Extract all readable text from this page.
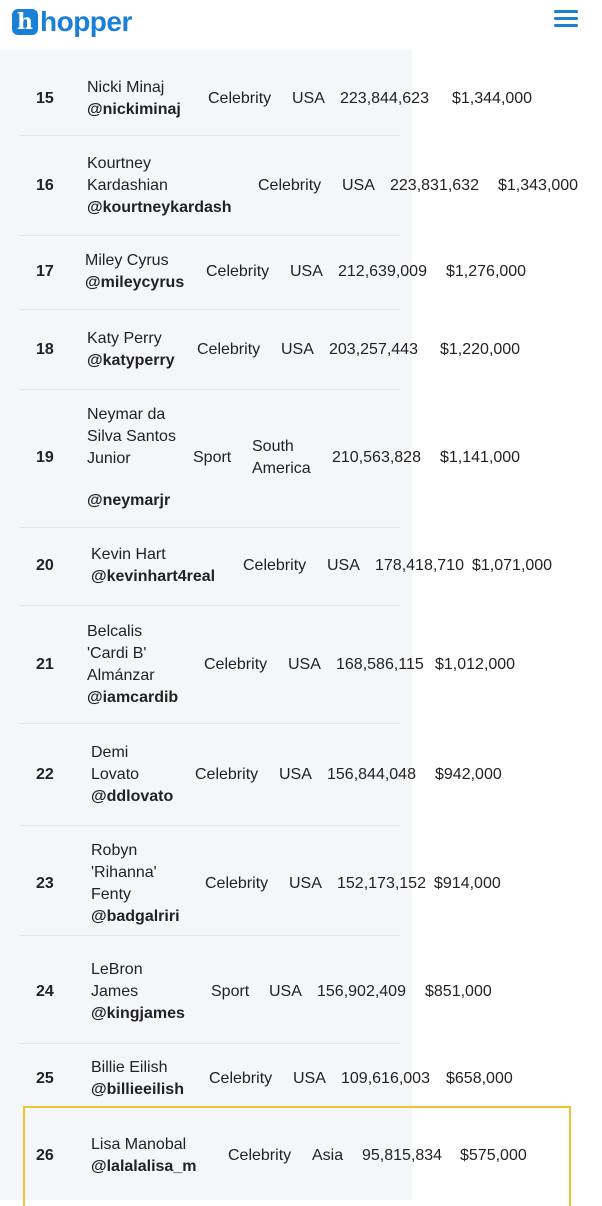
h hopper
15
Nicki Minaj
@nickiminaj
Celebrity USA 223,844,623 $1,344,000
16
Kourtney Kardashian
@kourtneykardash
Celebrity USA 223,831,632 $1,343,000
17
Miley Cyrus
@mileycyrus
Celebrity USA 212,639,009 $1,276,000
18
Katy Perry
@katyperry
Celebrity USA 203,257,443 $1,220,000
19
Neymar da Silva Santos Junior
@neymarjr
Sport
South America
210,563,828 $1,141,000
20
Kevin Hart
@kevinhart4real
Celebrity USA 178,418,710 $1,071,000
21
Belcalis 'Cardi B' Almánzar
@iamcardib
Celebrity USA 168,586,115 $1,012,000
22
Demi Lovato
@ddlovato
Celebrity USA 156,844,048 $942,000
23
Robyn 'Rihanna' Fenty
@badgalriri
Celebrity USA 152,173,152 $914,000
24
LeBron James
@kingjames
Sport USA 156,902,409 $851,000
25
Billie Eilish
@billieeilish
Celebrity USA 109,616,003 $658,000
26
Lisa Manobal
@lalalalisa_m
Celebrity Asia 95,815,834 $575,000
